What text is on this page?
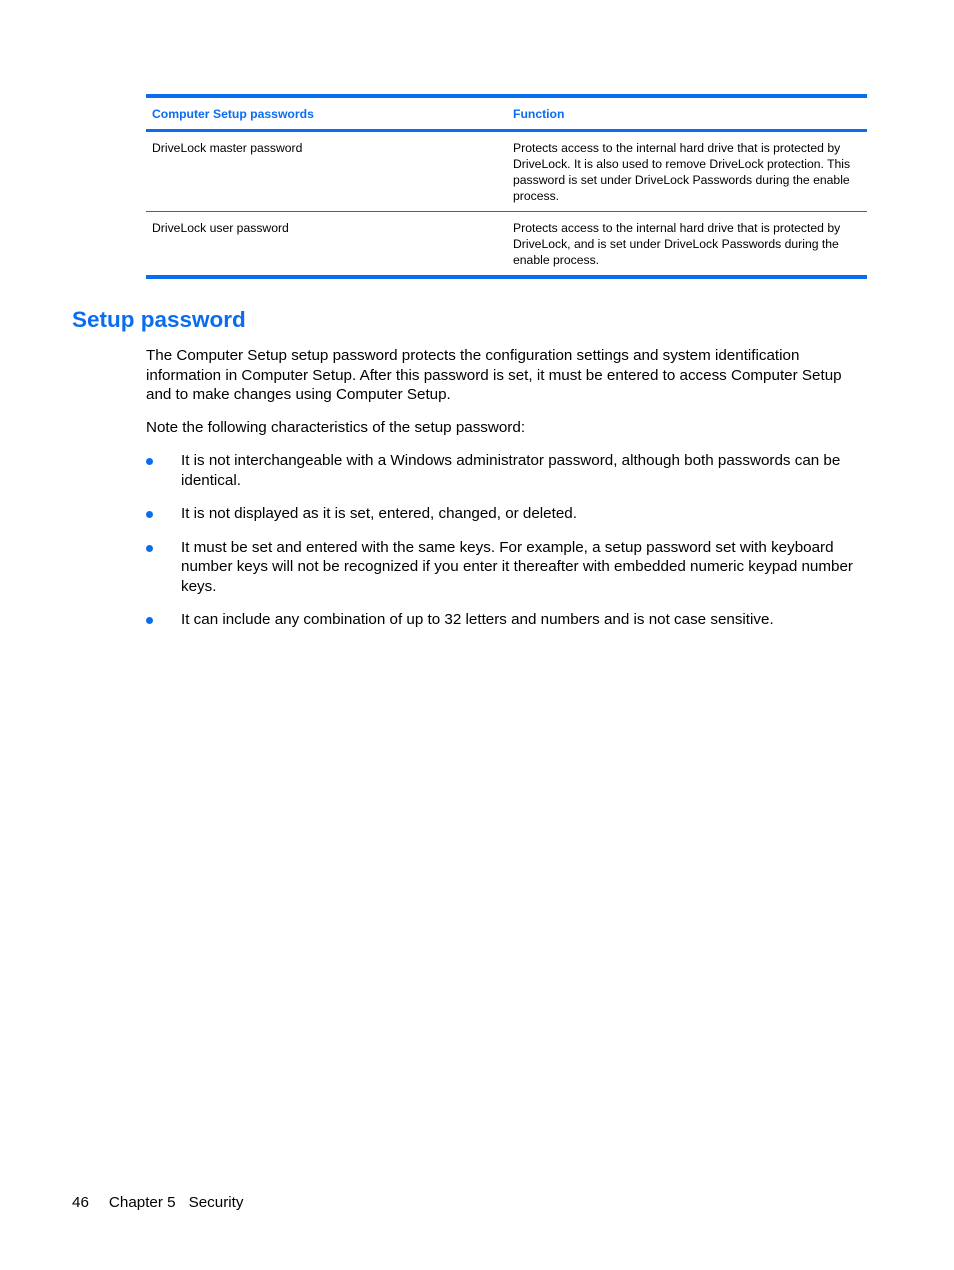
Computer Setup passwords	Function
DriveLock master password	Protects access to the internal hard drive that is protected by DriveLock. It is also used to remove DriveLock protection. This password is set under DriveLock Passwords during the enable process.
DriveLock user password	Protects access to the internal hard drive that is protected by DriveLock, and is set under DriveLock Passwords during the enable process.
Setup password

The Computer Setup setup password protects the configuration settings and system identification information in Computer Setup. After this password is set, it must be entered to access Computer Setup and to make changes using Computer Setup.

Note the following characteristics of the setup password:

It is not interchangeable with a Windows administrator password, although both passwords can be identical.
It is not displayed as it is set, entered, changed, or deleted.
It must be set and entered with the same keys. For example, a setup password set with keyboard number keys will not be recognized if you enter it thereafter with embedded numeric keypad number keys.
It can include any combination of up to 32 letters and numbers and is not case sensitive.
46 Chapter 5 Security
